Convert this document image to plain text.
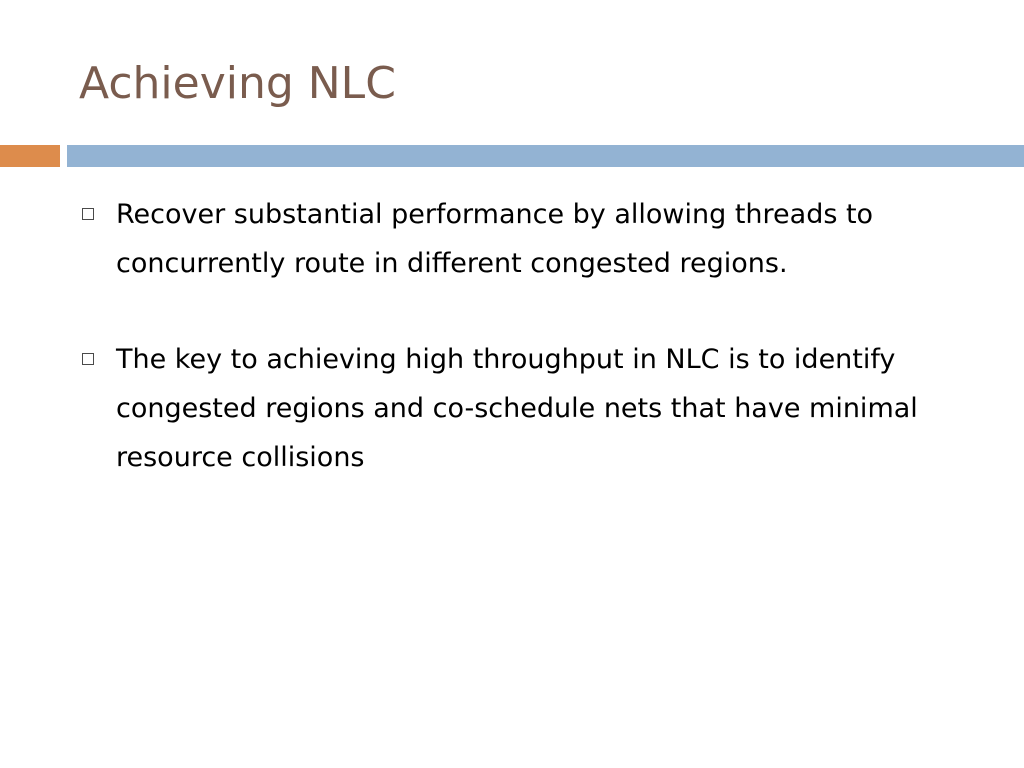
Achieving NLC
Recover substantial performance by allowing threads to concurrently route in different congested regions.
The key to achieving high throughput in NLC is to identify congested regions and co-schedule nets that have minimal resource collisions
